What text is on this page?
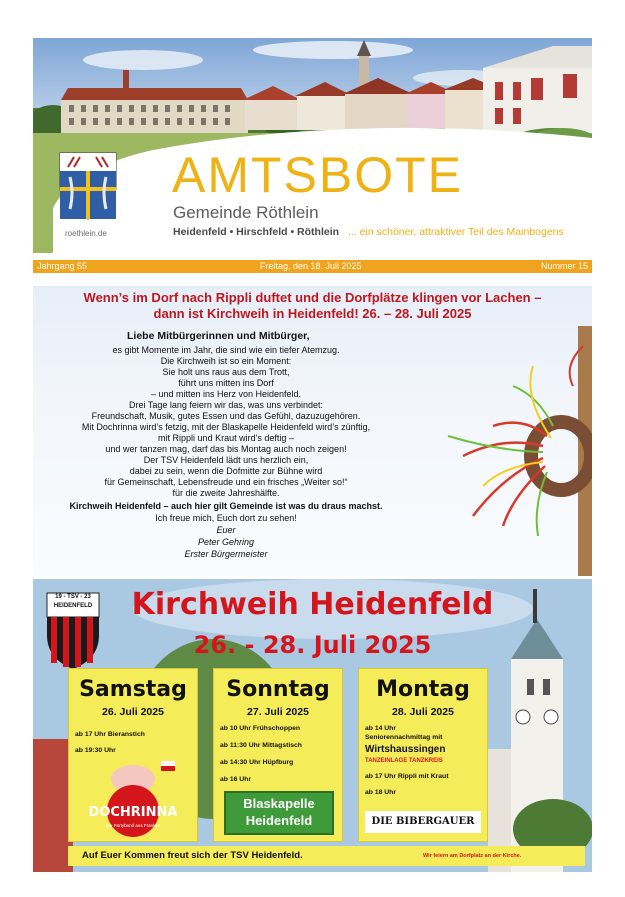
AMTSBOTE
Gemeinde Röthlein
Heidenfeld • Hirschfeld • Röthlein ... ein schöner, attraktiver Teil des Mainbogens
roethlein.de
Jahrgang 55	Freitag, den 18. Juli 2025	Nummer 15
Wenn’s im Dorf nach Rippli duftet und die Dorfplätze klingen vor Lachen –
dann ist Kirchweih in Heidenfeld! 26. – 28. Juli 2025
Liebe Mitbürgerinnen und Mitbürger,
es gibt Momente im Jahr, die sind wie ein tiefer Atemzug.
Die Kirchweih ist so ein Moment:
Sie holt uns raus aus dem Trott,
führt uns mitten ins Dorf
– und mitten ins Herz von Heidenfeld.
Drei Tage lang feiern wir das, was uns verbindet:
Freundschaft, Musik, gutes Essen und das Gefühl, dazuzugehören.
Mit Dochrinna wird’s fetzig, mit der Blaskapelle Heidenfeld wird’s zünftig,
mit Rippli und Kraut wird’s deftig –
und wer tanzen mag, darf das bis Montag auch noch zeigen!
Der TSV Heidenfeld lädt uns herzlich ein,
dabei zu sein, wenn die Dofmitte zur Bühne wird
für Gemeinschaft, Lebensfreude und ein frisches „Weiter so!“
für die zweite Jahreshälfte.
Kirchweih Heidenfeld – auch hier gilt Gemeinde ist was du draus machst.
Ich freue mich, Euch dort zu sehen!
Euer
Peter Gehring
Erster Bürgermeister
19 - TSV - 23
HEIDENFELD	Kirchweih Heidenfeld
26. - 28. Juli 2025
Samstag
26. Juli 2025
ab 17 Uhr Bieranstich
ab 19:30 Uhr
DOCHRINNA
Die Partyband aus Franken
Sonntag
27. Juli 2025
ab 10 Uhr Frühschoppen
ab 11:30 Uhr Mittagstisch
ab 14:30 Uhr Hüpfburg
ab 16 Uhr
Blaskapelle
Heidenfeld
Montag
28. Juli 2025
ab 14 Uhr
Seniorennachmittag mit
Wirtshaussingen
TANZEINLAGE TANZKREIS
ab 17 Uhr Rippli mit Kraut
ab 18 Uhr
DIE BIBERGAUER
Auf Euer Kommen freut sich der TSV Heidenfeld.	Wir feiern am Dorfplatz an der Kirche.
